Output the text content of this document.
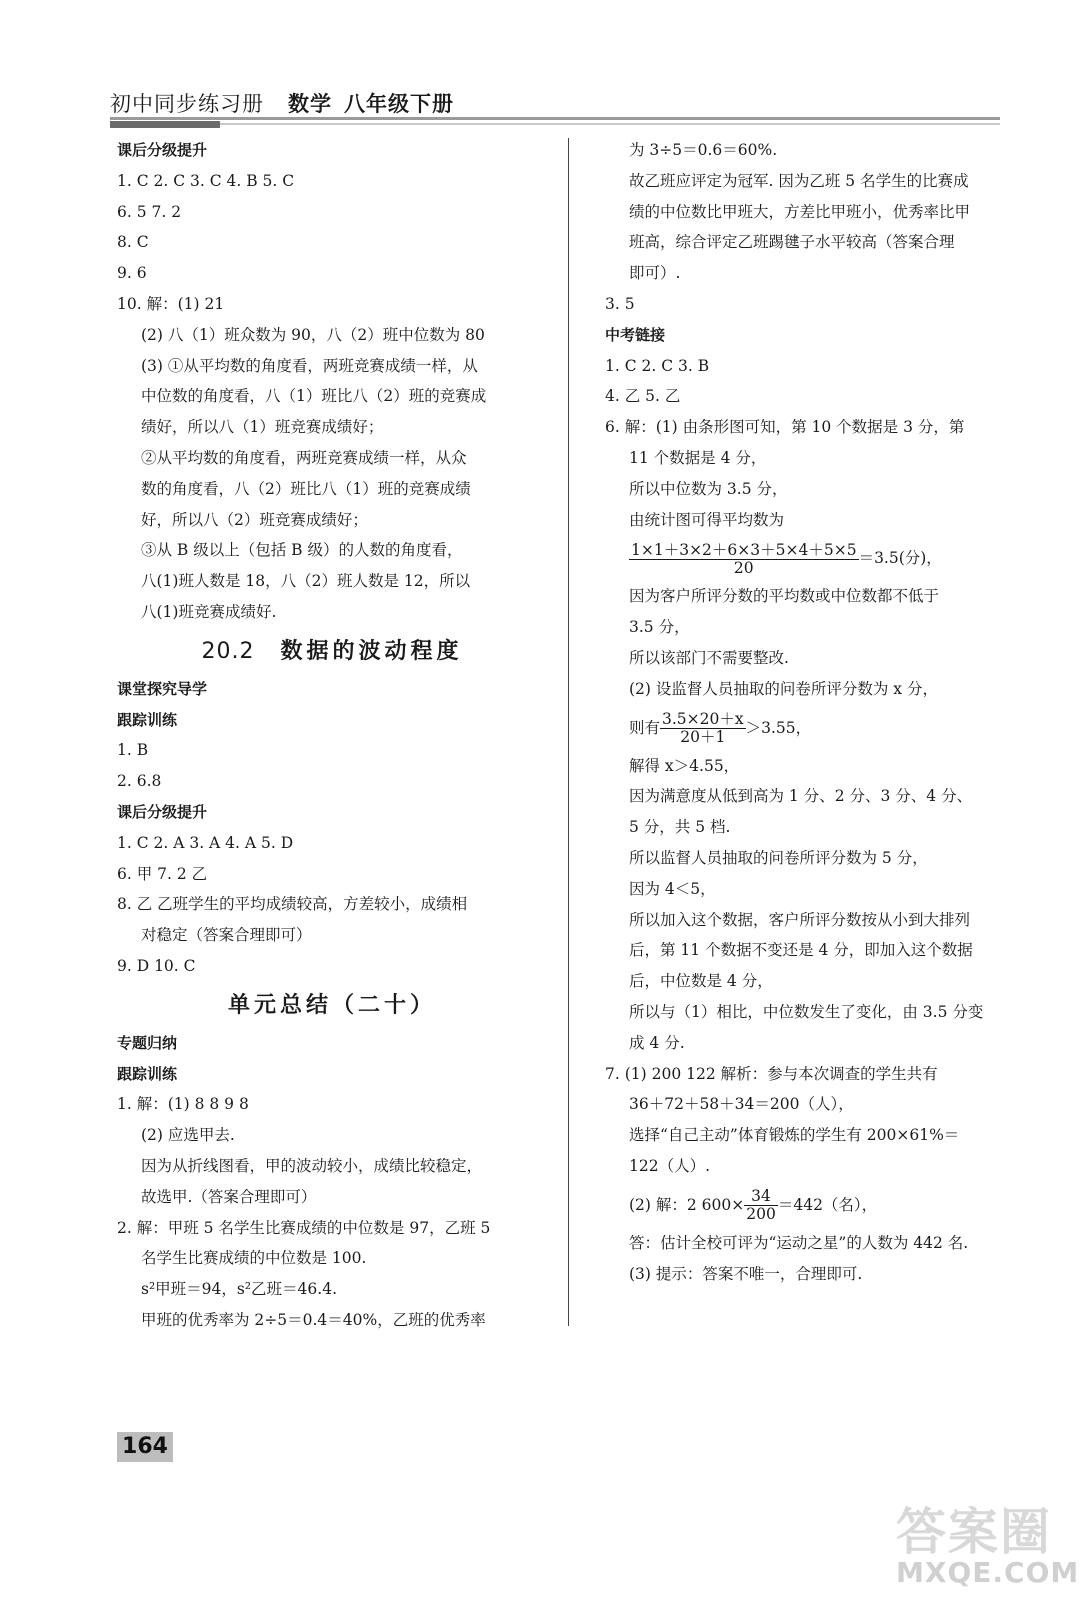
初中同步练习册 数学 八年级下册
课后分级提升
1. C 2. C 3. C 4. B 5. C
6. 5 7. 2
8. C
9. 6
10. 解：(1) 21
(2) 八（1）班众数为 90，八（2）班中位数为 80
(3) ①从平均数的角度看，两班竞赛成绩一样，从
中位数的角度看，八（1）班比八（2）班的竞赛成
绩好，所以八（1）班竞赛成绩好；
②从平均数的角度看，两班竞赛成绩一样，从众
数的角度看，八（2）班比八（1）班的竞赛成绩
好，所以八（2）班竞赛成绩好；
③从 B 级以上（包括 B 级）的人数的角度看，
八(1)班人数是 18，八（2）班人数是 12，所以
八(1)班竞赛成绩好.
20.2 数据的波动程度
课堂探究导学
跟踪训练
1. B
2. 6.8
课后分级提升
1. C 2. A 3. A 4. A 5. D
6. 甲 7. 2 乙
8. 乙 乙班学生的平均成绩较高，方差较小，成绩相
对稳定（答案合理即可）
9. D 10. C
单元总结（二十）
专题归纳
跟踪训练
1. 解：(1) 8 8 9 8
(2) 应选甲去.
因为从折线图看，甲的波动较小，成绩比较稳定，
故选甲.（答案合理即可）
2. 解：甲班 5 名学生比赛成绩的中位数是 97，乙班 5
名学生比赛成绩的中位数是 100.
s²甲班＝94，s²乙班＝46.4.
甲班的优秀率为 2÷5＝0.4＝40%，乙班的优秀率
为 3÷5＝0.6＝60%.
故乙班应评定为冠军. 因为乙班 5 名学生的比赛成
绩的中位数比甲班大，方差比甲班小，优秀率比甲
班高，综合评定乙班踢毽子水平较高（答案合理
即可）.
3. 5
中考链接
1. C 2. C 3. B
4. 乙 5. 乙
6. 解：(1) 由条形图可知，第 10 个数据是 3 分，第
11 个数据是 4 分，
所以中位数为 3.5 分，
由统计图可得平均数为
$\frac{1\times 1+3\times 2+6\times 3+5\times 4+5\times 5}{20} =3.5$(分)，
因为客户所评分数的平均数或中位数都不低于
3.5 分，
所以该部门不需要整改.
(2) 设监督人员抽取的问卷所评分数为 x 分，
则有 $\frac{3.5\times 20+x}{20+1} >3.55$，
解得 x＞4.55，
因为满意度从低到高为 1 分、2 分、3 分、4 分、
5 分，共 5 档.
所以监督人员抽取的问卷所评分数为 5 分，
因为 4＜5，
所以加入这个数据，客户所评分数按从小到大排列
后，第 11 个数据不变还是 4 分，即加入这个数据
后，中位数是 4 分，
所以与（1）相比，中位数发生了变化，由 3.5 分变
成 4 分.
7. (1) 200 122 解析：参与本次调查的学生共有
36＋72＋58＋34＝200（人），
选择“自己主动”体育锻炼的学生有 200×61%＝
122（人）.
(2) 解：2 $600\times \frac{34}{200} =442$（名），
答：估计全校可评为“运动之星”的人数为 442 名.
(3) 提示：答案不唯一，合理即可.
164
答案圈
MXQE.COM
